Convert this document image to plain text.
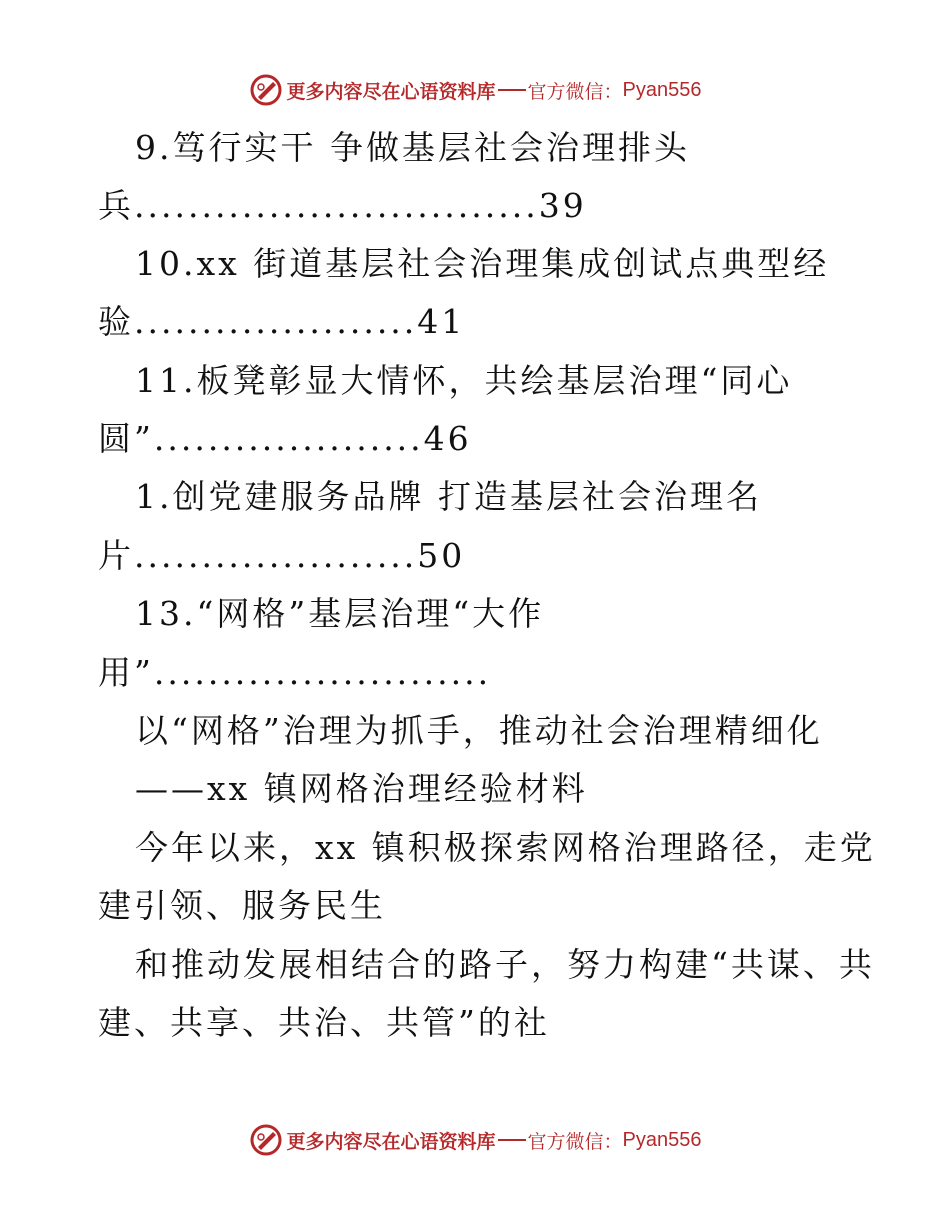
更多内容尽在心语资料库 官方微信： Pyan556
9.笃行实干 争做基层社会治理排头
兵..............................39
10.xx 街道基层社会治理集成创试点典型经
验.....................41
11.板凳彰显大情怀，共绘基层治理“同心
圆”....................46
1.创党建服务品牌 打造基层社会治理名
片.....................50
13.“网格”基层治理“大作
用”.........................
以“网格”治理为抓手，推动社会治理精细化
——xx 镇网格治理经验材料
今年以来，xx 镇积极探索网格治理路径，走党
建引领、服务民生
和推动发展相结合的路子，努力构建“共谋、共
建、共享、共治、共管”的社
更多内容尽在心语资料库 官方微信： Pyan556
